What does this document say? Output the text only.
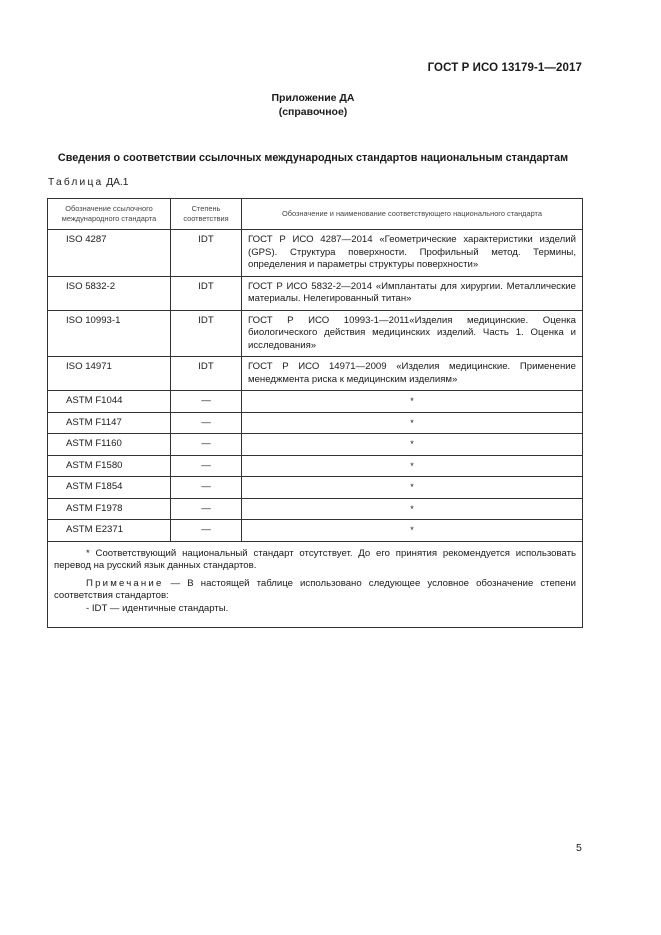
ГОСТ Р ИСО 13179-1—2017
Приложение ДА
(справочное)
Сведения о соответствии ссылочных международных стандартов национальным стандартам
Таблица ДА.1
Обозначение ссылочного международного стандарта	Степень соответствия	Обозначение и наименование соответствующего национального стандарта
ISO 4287	IDT	ГОСТ Р ИСО 4287—2014 «Геометрические характеристики изделий (GPS). Структура поверхности. Профильный метод. Термины, определения и параметры структуры поверхности»
ISO 5832-2	IDT	ГОСТ Р ИСО 5832-2—2014 «Имплантаты для хирургии. Металлические материалы. Нелегированный титан»
ISO 10993-1	IDT	ГОСТ Р ИСО 10993-1—2011«Изделия медицинские. Оценка биологического действия медицинских изделий. Часть 1. Оценка и исследования»
ISO 14971	IDT	ГОСТ Р ИСО 14971—2009 «Изделия медицинские. Применение менеджмента риска к медицинским изделиям»
ASTM F1044	—	*
ASTM F1147	—	*
ASTM F1160	—	*
ASTM F1580	—	*
ASTM F1854	—	*
ASTM F1978	—	*
ASTM E2371	—	*

* Соответствующий национальный стандарт отсутствует. До его принятия рекомендуется использовать перевод на русский язык данных стандартов.
Примечание — В настоящей таблице использовано следующее условное обозначение степени соответствия стандартов:
- IDT — идентичные стандарты.		
5
